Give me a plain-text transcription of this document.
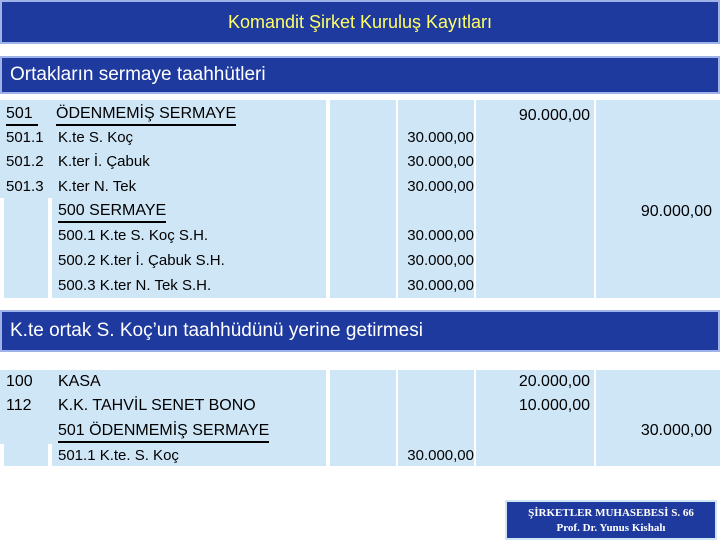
Komandit Şirket Kuruluş Kayıtları
Ortakların sermaye taahhütleri
501	ÖDENMEMİŞ SERMAYE	90.000,00
501.1 K.te S. Koç	30.000,00
501.2 K.ter İ. Çabuk	30.000,00
501.3 K.ter N. Tek	30.000,00
500 SERMAYE	90.000,00
500.1 K.te S. Koç S.H.	30.000,00
500.2 K.ter İ. Çabuk S.H.	30.000,00
500.3 K.ter N. Tek S.H.	30.000,00
K.te ortak S. Koç’un taahhüdünü yerine getirmesi
100 KASA	20.000,00
112 K.K. TAHVİL SENET BONO	10.000,00
501 ÖDENMEMİŞ SERMAYE	30.000,00
501.1 K.te. S. Koç	30.000,00
ŞİRKETLER MUHASEBESİ S. 66
Prof. Dr. Yunus Kishalı
